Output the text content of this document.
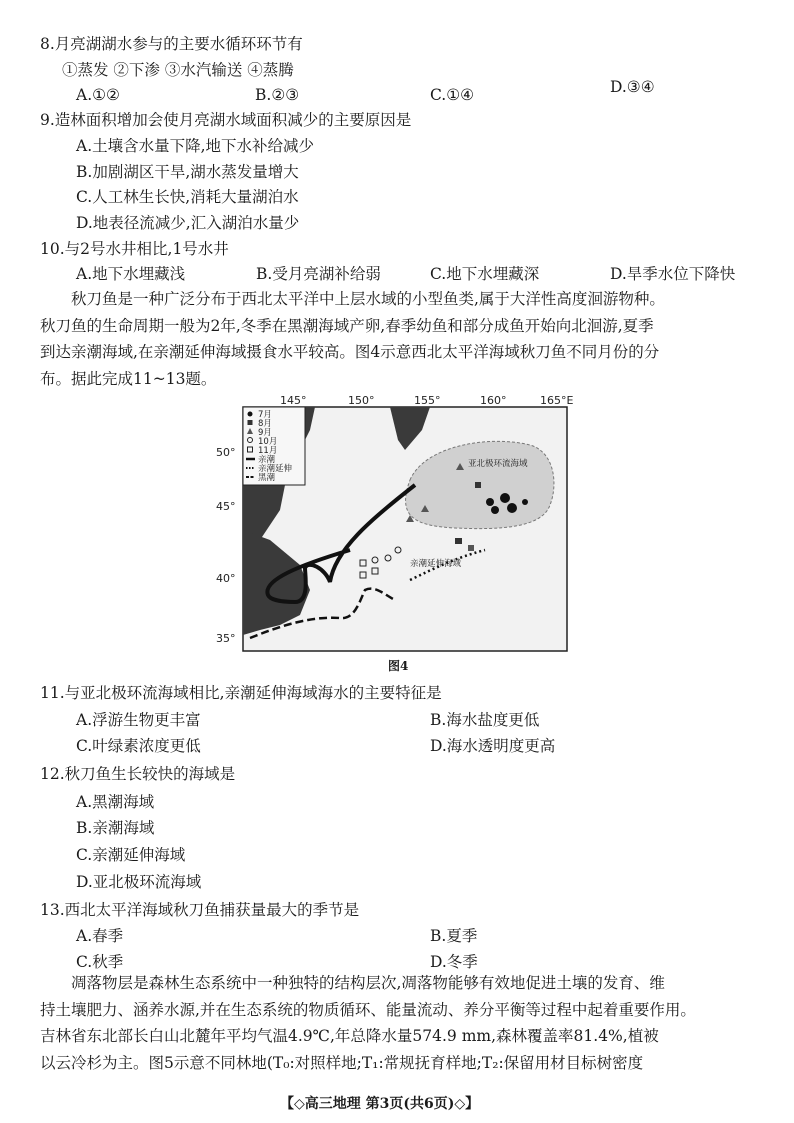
8.月亮湖湖水参与的主要水循环环节有
①蒸发 ②下渗 ③水汽输送 ④蒸腾
A.①②	B.②③	C.①④	D.③④
9.造林面积增加会使月亮湖水域面积减少的主要原因是
A.土壤含水量下降,地下水补给减少
B.加剧湖区干旱,湖水蒸发量增大
C.人工林生长快,消耗大量湖泊水
D.地表径流减少,汇入湖泊水量少
10.与2号水井相比,1号水井
A.地下水埋藏浅	B.受月亮湖补给弱	C.地下水埋藏深	D.旱季水位下降快
秋刀鱼是一种广泛分布于西北太平洋中上层水域的小型鱼类,属于大洋性高度洄游物种。
秋刀鱼的生命周期一般为2年,冬季在黑潮海域产卵,春季幼鱼和部分成鱼开始向北洄游,夏季
到达亲潮海域,在亲潮延伸海域摄食水平较高。图4示意西北太平洋海域秋刀鱼不同月份的分
布。据此完成11~13题。
145°	150°	155°	160°	165°E
50°
45°
40°
35°
亚北极环流海域
亲潮延伸海域
7月
8月
9月
10月
11月
亲潮
亲潮延伸
黑潮
图4
11.与亚北极环流海域相比,亲潮延伸海域海水的主要特征是
A.浮游生物更丰富	B.海水盐度更低
C.叶绿素浓度更低	D.海水透明度更高
12.秋刀鱼生长较快的海域是
A.黑潮海域
B.亲潮海域
C.亲潮延伸海域
D.亚北极环流海域
13.西北太平洋海域秋刀鱼捕获量最大的季节是
A.春季	B.夏季
C.秋季	D.冬季
凋落物层是森林生态系统中一种独特的结构层次,凋落物能够有效地促进土壤的发育、维
持土壤肥力、涵养水源,并在生态系统的物质循环、能量流动、养分平衡等过程中起着重要作用。
吉林省东北部长白山北麓年平均气温4.9℃,年总降水量574.9 mm,森林覆盖率81.4%,植被
以云冷杉为主。图5示意不同林地(T₀:对照样地;T₁:常规抚育样地;T₂:保留用材目标树密度
【◇高三地理 第3页(共6页)◇】
